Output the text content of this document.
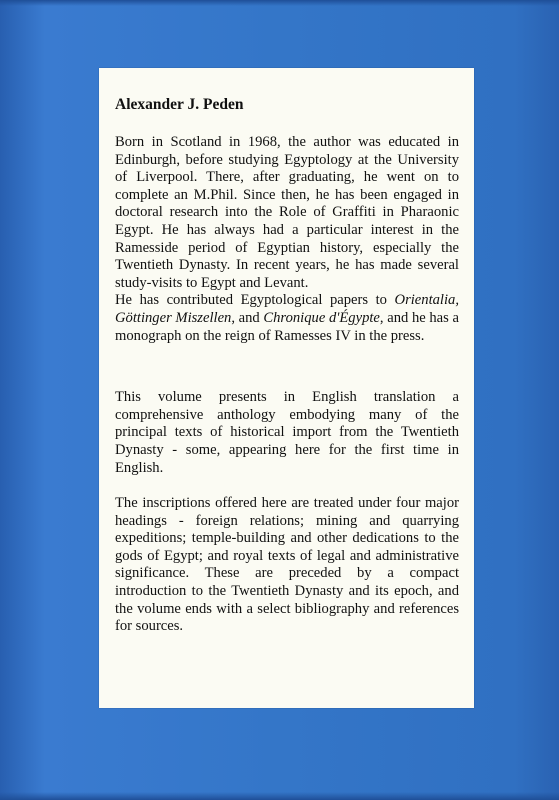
Alexander J. Peden

Born in Scotland in 1968, the author was educated in Edinburgh, before studying Egyptology at the University of Liverpool. There, after graduating, he went on to complete an M.Phil. Since then, he has been engaged in doctoral research into the Role of Graffiti in Pharaonic Egypt. He has always had a particular interest in the Ramesside period of Egyptian history, especially the Twentieth Dynasty. In recent years, he has made several study-visits to Egypt and Levant.

He has contributed Egyptological papers to Orientalia, Göttinger Miszellen, and Chronique d'Égypte, and he has a monograph on the reign of Ramesses IV in the press.

This volume presents in English translation a comprehensive anthology embodying many of the principal texts of historical import from the Twentieth Dynasty - some, appearing here for the first time in English.

The inscriptions offered here are treated under four major headings - foreign relations; mining and quarrying expeditions; temple-building and other dedications to the gods of Egypt; and royal texts of legal and administrative significance. These are preceded by a compact introduction to the Twentieth Dynasty and its epoch, and the volume ends with a select bibliography and references for sources.
